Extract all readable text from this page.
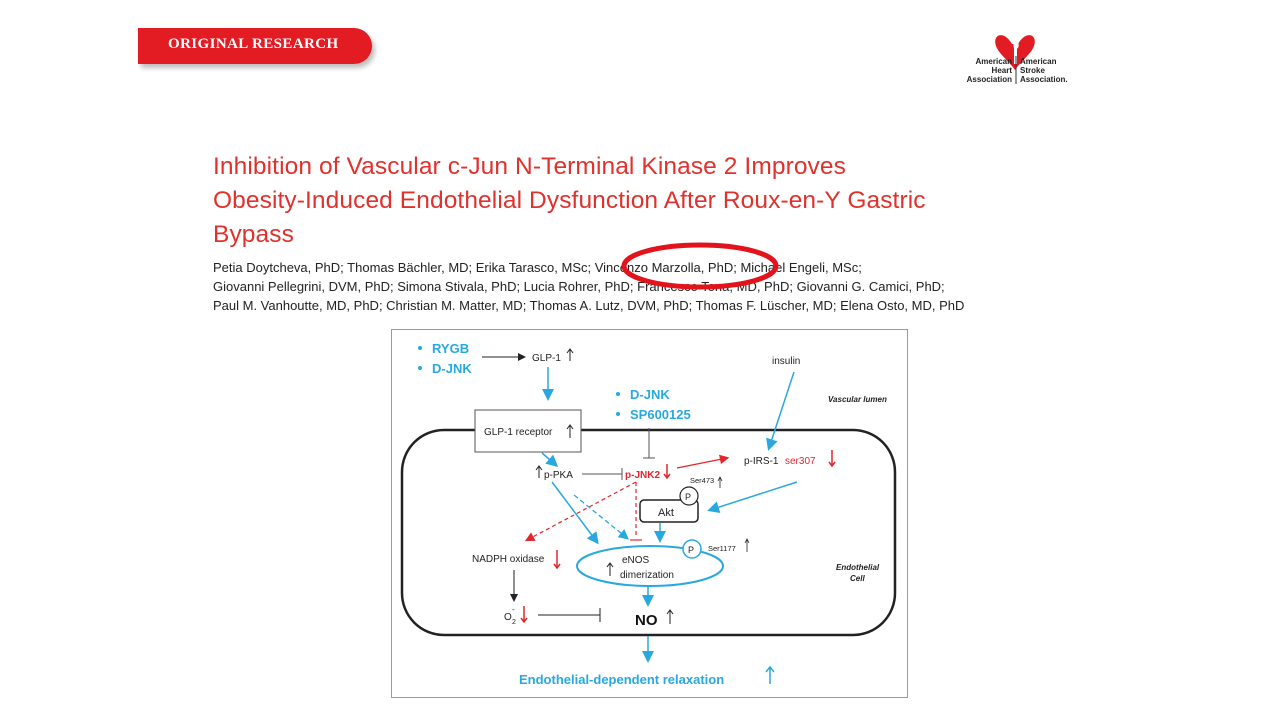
ORIGINAL RESEARCH
American
Heart
Association
American
Stroke
Association.
Inhibition of Vascular c-Jun N-Terminal Kinase 2 Improves
Obesity-Induced Endothelial Dysfunction After Roux-en-Y Gastric
Bypass
Petia Doytcheva, PhD; Thomas Bächler, MD; Erika Tarasco, MSc; Vincenzo Marzolla, PhD; Michael Engeli, MSc;
Giovanni Pellegrini, DVM, PhD; Simona Stivala, PhD; Lucia Rohrer, PhD; Francesco Tona, MD, PhD; Giovanni G. Camici, PhD;
Paul M. Vanhoutte, MD, PhD; Christian M. Matter, MD; Thomas A. Lutz, DVM, PhD; Thomas F. Lüscher, MD; Elena Osto, MD, PhD
RYGB
D-JNK
GLP-1
D-JNK
SP600125
insulin
Vascular lumen
GLP-1 receptor
p-PKA	p-JNK2
p-IRS-1 ser307
Akt
P
Ser473
eNOS
dimerization
P Ser1177
NADPH oxidase
Endothelial
Cell
O 2
-
NO
Endothelial-dependent relaxation
